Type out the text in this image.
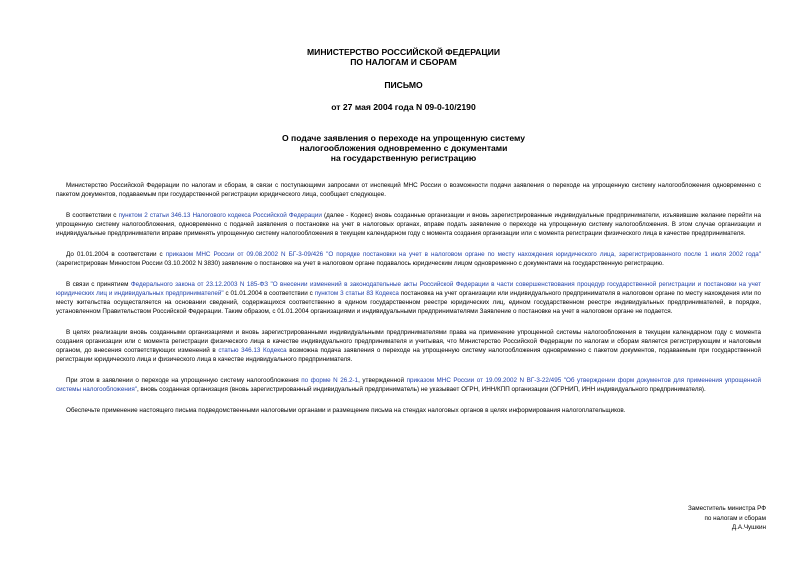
МИНИСТЕРСТВО РОССИЙСКОЙ ФЕДЕРАЦИИ
ПО НАЛОГАМ И СБОРАМ
ПИСЬМО
от 27 мая 2004 года N 09-0-10/2190
О подаче заявления о переходе на упрощенную систему
налогообложения одновременно с документами
на государственную регистрацию

Министерство Российской Федерации по налогам и сборам, в связи с поступающими запросами от инспекций МНС России о возможности подачи заявления о переходе на упрощенную систему налогообложения одновременно с пакетом документов, подаваемым при государственной регистрации юридического лица, сообщает следующее.

В соответствии с пунктом 2 статьи 346.13 Налогового кодекса Российской Федерации (далее - Кодекс) вновь созданные организации и вновь зарегистрированные индивидуальные предприниматели, изъявившие желание перейти на упрощенную систему налогообложения, одновременно с подачей заявления о постановке на учет в налоговых органах, вправе подать заявление о переходе на упрощенную систему налогообложения. В этом случае организации и индивидуальные предприниматели вправе применять упрощенную систему налогообложения в текущем календарном году с момента создания организации или с момента регистрации физического лица в качестве предпринимателя.

До 01.01.2004 в соответствии с приказом МНС России от 09.08.2002 N БГ-3-09/426 "О порядке постановки на учет в налоговом органе по месту нахождения юридического лица, зарегистрированного после 1 июля 2002 года" (зарегистрирован Минюстом России 03.10.2002 N 3830) заявление о постановке на учет в налоговом органе подавалось юридическим лицом одновременно с документами на государственную регистрацию.

В связи с принятием Федерального закона от 23.12.2003 N 185-ФЗ "О внесении изменений в законодательные акты Российской Федерации в части совершенствования процедур государственной регистрации и постановки на учет юридических лиц и индивидуальных предпринимателей" с 01.01.2004 в соответствии с пунктом 3 статьи 83 Кодекса постановка на учет организации или индивидуального предпринимателя в налоговом органе по месту нахождения или по месту жительства осуществляется на основании сведений, содержащихся соответственно в едином государственном реестре юридических лиц, едином государственном реестре индивидуальных предпринимателей, в порядке, установленном Правительством Российской Федерации. Таким образом, с 01.01.2004 организациями и индивидуальными предпринимателями Заявление о постановке на учет в налоговом органе не подается.

В целях реализации вновь созданными организациями и вновь зарегистрированными индивидуальными предпринимателями права на применение упрощенной системы налогообложения в текущем календарном году с момента создания организации или с момента регистрации физического лица в качестве индивидуального предпринимателя и учитывая, что Министерство Российской Федерации по налогам и сборам является регистрирующим и налоговым органом, до внесения соответствующих изменений в статью 346.13 Кодекса возможна подача заявления о переходе на упрощенную систему налогообложения одновременно с пакетом документов, подаваемым при государственной регистрации юридического лица и физического лица в качестве индивидуального предпринимателя.

При этом в заявлении о переходе на упрощенную систему налогообложения по форме N 26.2-1, утвержденной приказом МНС России от 19.09.2002 N ВГ-3-22/495 "Об утверждении форм документов для применения упрощенной системы налогообложения", вновь созданная организация (вновь зарегистрированный индивидуальный предприниматель) не указывает ОГРН, ИНН/КПП организации (ОГРНИП, ИНН индивидуального предпринимателя).

Обеспечьте применение настоящего письма подведомственными налоговыми органами и размещение письма на стендах налоговых органов в целях информирования налогоплательщиков.

Заместитель министра РФ
по налогам и сборам
Д.А.Чушкин
